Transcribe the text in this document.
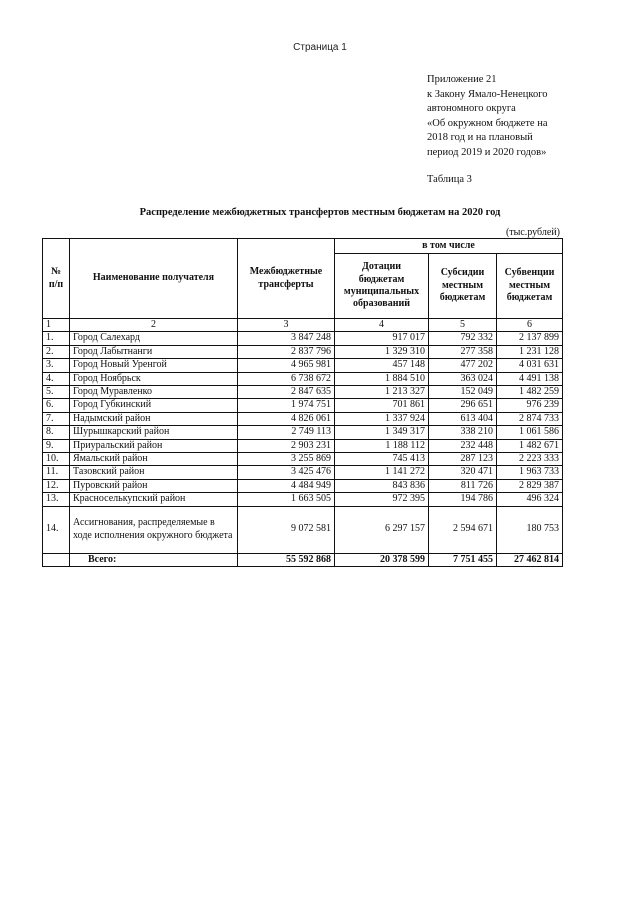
Страница 1
Приложение 21
к Закону Ямало-Ненецкого
автономного округа
«Об окружном бюджете на
2018 год и на плановый
период 2019 и 2020 годов»
Таблица 3
Распределение межбюджетных трансфертов местным бюджетам на 2020 год
(тыс.рублей)
№ п/п	Наименование получателя	Межбюджетные трансферты	в том числе		
			Дотации бюджетам муниципальных образований	Субсидии местным бюджетам	Субвенции местным бюджетам
1	2	3	4	5	6
1.	Город Салехард	3 847 248	917 017	792 332	2 137 899
2.	Город Лабытнанги	2 837 796	1 329 310	277 358	1 231 128
3.	Город Новый Уренгой	4 965 981	457 148	477 202	4 031 631
4.	Город Ноябрьск	6 738 672	1 884 510	363 024	4 491 138
5.	Город Муравленко	2 847 635	1 213 327	152 049	1 482 259
6.	Город Губкинский	1 974 751	701 861	296 651	976 239
7.	Надымский район	4 826 061	1 337 924	613 404	2 874 733
8.	Шурышкарский район	2 749 113	1 349 317	338 210	1 061 586
9.	Приуральский район	2 903 231	1 188 112	232 448	1 482 671
10.	Ямальский район	3 255 869	745 413	287 123	2 223 333
11.	Тазовский район	3 425 476	1 141 272	320 471	1 963 733
12.	Пуровский район	4 484 949	843 836	811 726	2 829 387
13.	Красноселькупский район	1 663 505	972 395	194 786	496 324
14.	Ассигнования, распределяемые в ходе исполнения окружного бюджета	9 072 581	6 297 157	2 594 671	180 753
	Всего:	55 592 868	20 378 599	7 751 455	27 462 814
